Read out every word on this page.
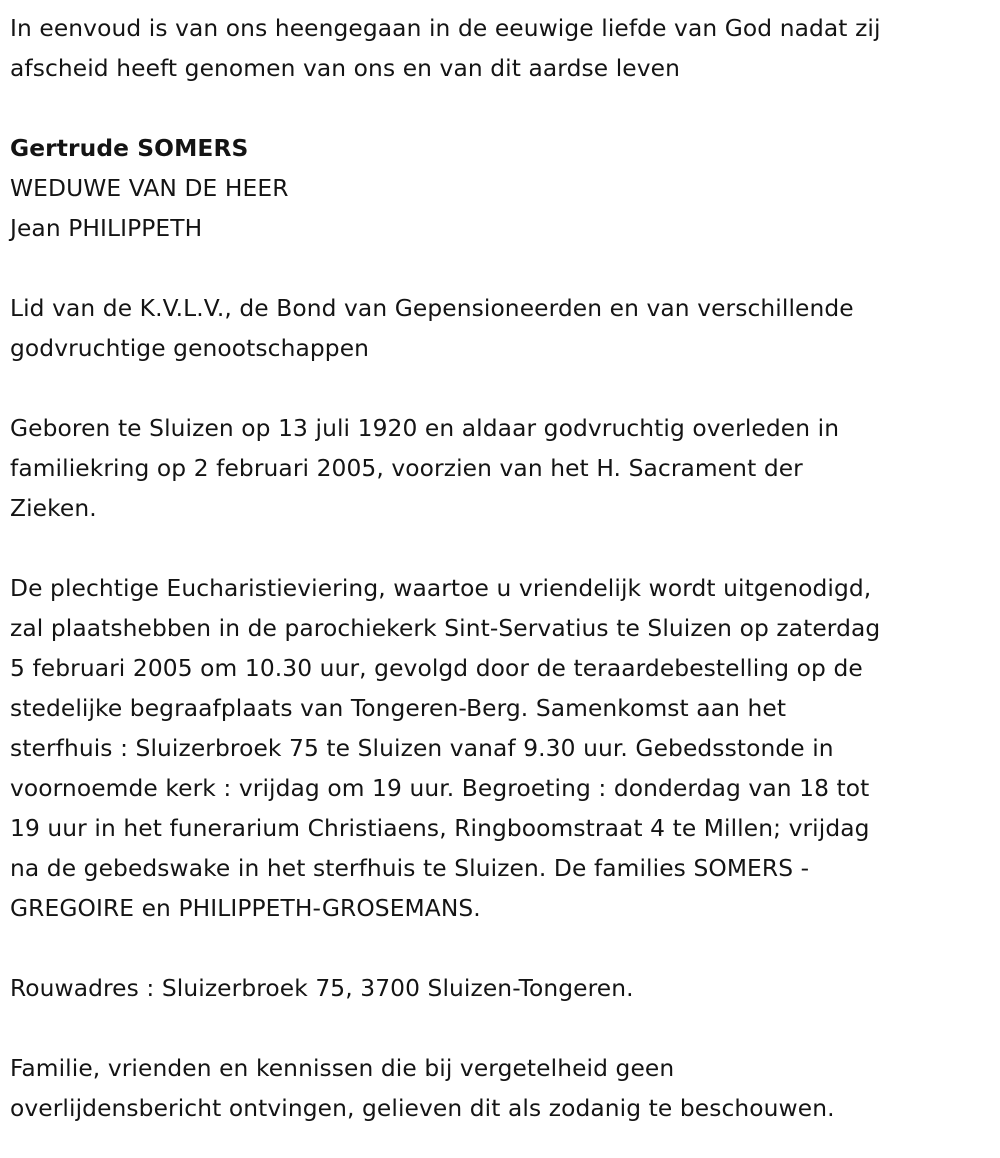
In eenvoud is van ons heengegaan in de eeuwige liefde van God nadat zij
afscheid heeft genomen van ons en van dit aardse leven
Gertrude SOMERS
WEDUWE VAN DE HEER
Jean PHILIPPETH
Lid van de K.V.L.V., de Bond van Gepensioneerden en van verschillende
godvruchtige genootschappen
Geboren te Sluizen op 13 juli 1920 en aldaar godvruchtig overleden in
familiekring op 2 februari 2005, voorzien van het H. Sacrament der
Zieken.
De plechtige Eucharistieviering, waartoe u vriendelijk wordt uitgenodigd,
zal plaatshebben in de parochiekerk Sint-Servatius te Sluizen op zaterdag
5 februari 2005 om 10.30 uur, gevolgd door de teraardebestelling op de
stedelijke begraafplaats van Tongeren-Berg. Samenkomst aan het
sterfhuis : Sluizerbroek 75 te Sluizen vanaf 9.30 uur. Gebedsstonde in
voornoemde kerk : vrijdag om 19 uur. Begroeting : donderdag van 18 tot
19 uur in het funerarium Christiaens, Ringboomstraat 4 te Millen; vrijdag
na de gebedswake in het sterfhuis te Sluizen. De families SOMERS -
GREGOIRE en PHILIPPETH-GROSEMANS.
Rouwadres : Sluizerbroek 75, 3700 Sluizen-Tongeren.
Familie, vrienden en kennissen die bij vergetelheid geen
overlijdensbericht ontvingen, gelieven dit als zodanig te beschouwen.
